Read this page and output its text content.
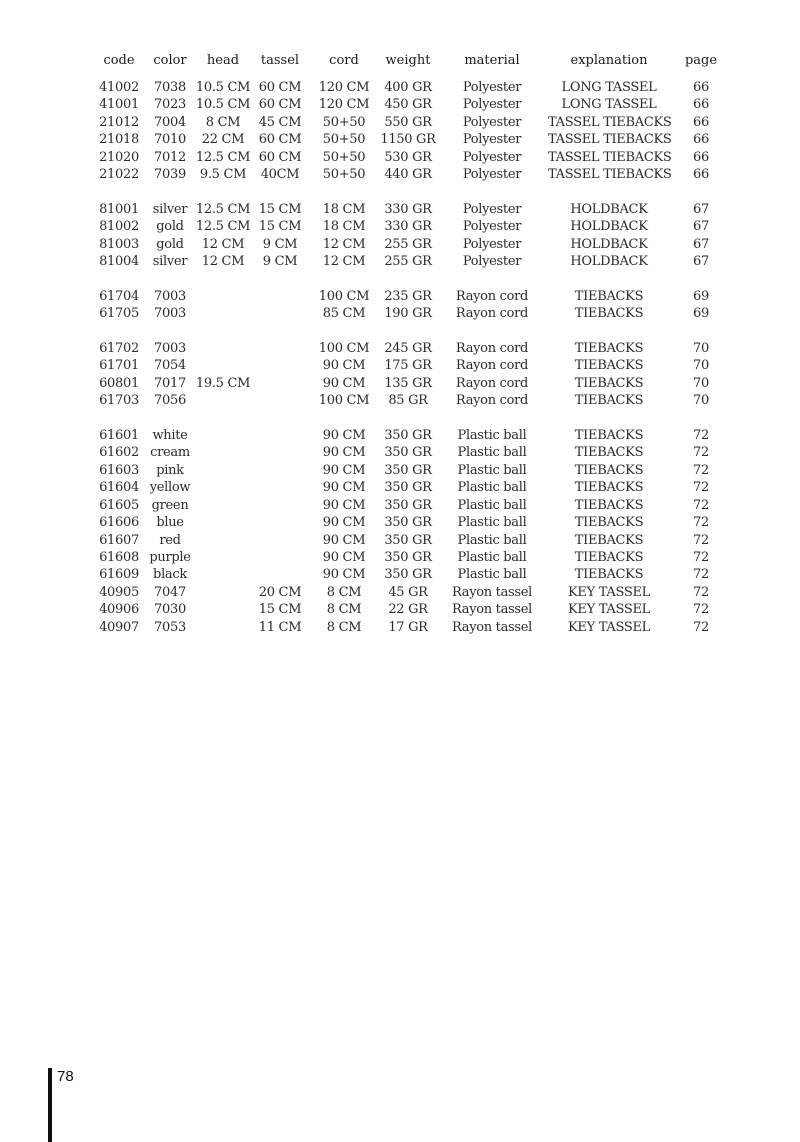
code	color	head	tassel	cord	weight	material	explanation	page
41002	7038	10.5 CM	60 CM	120 CM	400 GR	Polyester	LONG TASSEL	66
41001	7023	10.5 CM	60 CM	120 CM	450 GR	Polyester	LONG TASSEL	66
21012	7004	8 CM	45 CM	50+50	550 GR	Polyester	TASSEL TIEBACKS	66
21018	7010	22 CM	60 CM	50+50	1150 GR	Polyester	TASSEL TIEBACKS	66
21020	7012	12.5 CM	60 CM	50+50	530 GR	Polyester	TASSEL TIEBACKS	66
21022	7039	9.5 CM	40CM	50+50	440 GR	Polyester	TASSEL TIEBACKS	66

81001	silver	12.5 CM	15 CM	18 CM	330 GR	Polyester	HOLDBACK	67
81002	gold	12.5 CM	15 CM	18 CM	330 GR	Polyester	HOLDBACK	67
81003	gold	12 CM	9 CM	12 CM	255 GR	Polyester	HOLDBACK	67
81004	silver	12 CM	9 CM	12 CM	255 GR	Polyester	HOLDBACK	67

61704	7003			100 CM	235 GR	Rayon cord	TIEBACKS	69
61705	7003			85 CM	190 GR	Rayon cord	TIEBACKS	69

61702	7003			100 CM	245 GR	Rayon cord	TIEBACKS	70
61701	7054			90 CM	175 GR	Rayon cord	TIEBACKS	70
60801	7017	19.5 CM		90 CM	135 GR	Rayon cord	TIEBACKS	70
61703	7056			100 CM	85 GR	Rayon cord	TIEBACKS	70

61601	white			90 CM	350 GR	Plastic ball	TIEBACKS	72
61602	cream			90 CM	350 GR	Plastic ball	TIEBACKS	72
61603	pink			90 CM	350 GR	Plastic ball	TIEBACKS	72
61604	yellow			90 CM	350 GR	Plastic ball	TIEBACKS	72
61605	green			90 CM	350 GR	Plastic ball	TIEBACKS	72
61606	blue			90 CM	350 GR	Plastic ball	TIEBACKS	72
61607	red			90 CM	350 GR	Plastic ball	TIEBACKS	72
61608	purple			90 CM	350 GR	Plastic ball	TIEBACKS	72
61609	black			90 CM	350 GR	Plastic ball	TIEBACKS	72
40905	7047		20 CM	8 CM	45 GR	Rayon tassel	KEY TASSEL	72
40906	7030		15 CM	8 CM	22 GR	Rayon tassel	KEY TASSEL	72
40907	7053		11 CM	8 CM	17 GR	Rayon tassel	KEY TASSEL	72
78
